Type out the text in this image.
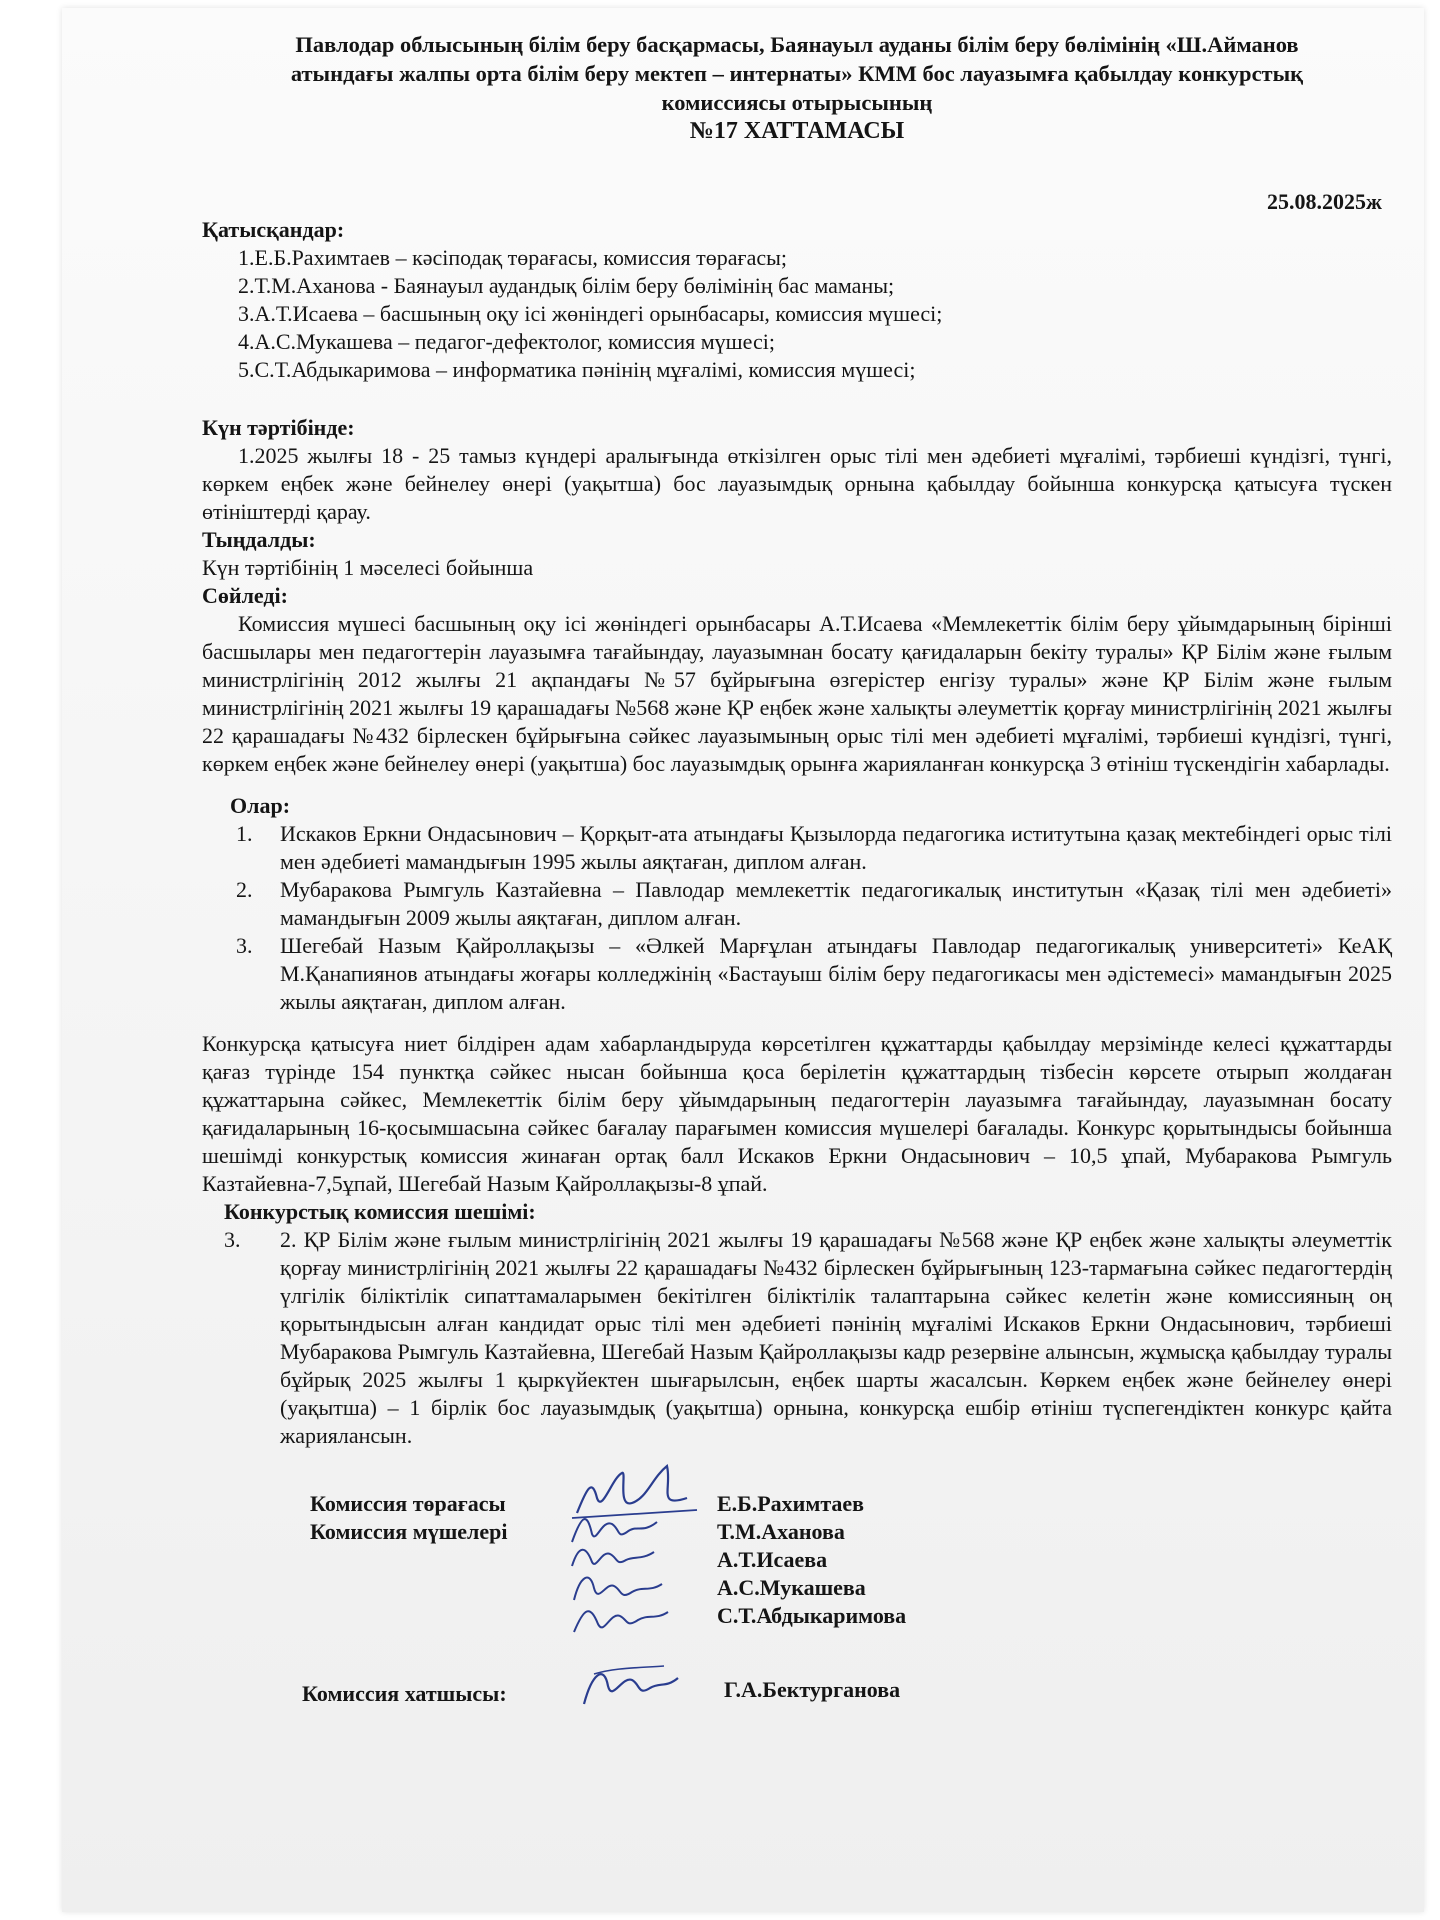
Павлодар облысының білім беру басқармасы, Баянауыл ауданы білім беру бөлімінің «Ш.Айманов
атындағы жалпы орта білім беру мектеп – интернаты» КММ бос лауазымға қабылдау конкурстық
комиссиясы отырысының
№17 ХАТТАМАСЫ
25.08.2025ж
Қатысқандар:
1.Е.Б.Рахимтаев – кәсіподақ төрағасы, комиссия төрағасы;
2.Т.М.Аханова - Баянауыл аудандық білім беру бөлімінің бас маманы;
3.А.Т.Исаева – басшының оқу ісі жөніндегі орынбасары, комиссия мүшесі;
4.А.С.Мукашева – педагог-дефектолог, комиссия мүшесі;
5.С.Т.Абдыкаримова – информатика пәнінің мұғалімі, комиссия мүшесі;
Күн тәртібінде:
1.2025 жылғы 18 - 25 тамыз күндері аралығында өткізілген орыс тілі мен әдебиеті мұғалімі, тәрбиеші күндізгі, түнгі, көркем еңбек және бейнелеу өнері (уақытша) бос лауазымдық орнына қабылдау бойынша конкурсқа қатысуға түскен өтініштерді қарау.
Тыңдалды:
Күн тәртібінің 1 мәселесі бойынша
Сөйледі:
Комиссия мүшесі басшының оқу ісі жөніндегі орынбасары А.Т.Исаева «Мемлекеттік білім беру ұйымдарының бірінші басшылары мен педагогтерін лауазымға тағайындау, лауазымнан босату қағидаларын бекіту туралы» ҚР Білім және ғылым министрлігінің 2012 жылғы 21 ақпандағы №57 бұйрығына өзгерістер енгізу туралы» және ҚР Білім және ғылым министрлігінің 2021 жылғы 19 қарашадағы №568 және ҚР еңбек және халықты әлеуметтік қорғау министрлігінің 2021 жылғы 22 қарашадағы №432 бірлескен бұйрығына сәйкес лауазымының орыс тілі мен әдебиеті мұғалімі, тәрбиеші күндізгі, түнгі, көркем еңбек және бейнелеу өнері (уақытша) бос лауазымдық орынға жарияланған конкурсқа 3 өтініш түскендігін хабарлады.
Олар:
1. Искаков Еркни Ондасынович – Қорқыт-ата атындағы Қызылорда педагогика иститутына қазақ мектебіндегі орыс тілі мен әдебиеті мамандығын 1995 жылы аяқтаған, диплом алған.
2. Мубаракова Рымгуль Казтайевна – Павлодар мемлекеттік педагогикалық институтын «Қазақ тілі мен әдебиеті» мамандығын 2009 жылы аяқтаған, диплом алған.
3. Шегебай Назым Қайроллақызы – «Әлкей Марғұлан атындағы Павлодар педагогикалық университеті» КеАҚ М.Қанапиянов атындағы жоғары колледжінің «Бастауыш білім беру педагогикасы мен әдістемесі» мамандығын 2025 жылы аяқтаған, диплом алған.
Конкурсқа қатысуға ниет білдірен адам хабарландыруда көрсетілген құжаттарды қабылдау мерзімінде келесі құжаттарды қағаз түрінде 154 пунктқа сәйкес нысан бойынша қоса берілетін құжаттардың тізбесін көрсете отырып жолдаған құжаттарына сәйкес, Мемлекеттік білім беру ұйымдарының педагогтерін лауазымға тағайындау, лауазымнан босату қағидаларының 16-қосымшасына сәйкес бағалау парағымен комиссия мүшелері бағалады. Конкурс қорытындысы бойынша шешімді конкурстық комиссия жинаған ортақ балл Искаков Еркни Ондасынович – 10,5 ұпай, Мубаракова Рымгуль Казтайевна-7,5ұпай, Шегебай Назым Қайроллақызы-8 ұпай.
Конкурстық комиссия шешімі:
3. 2. ҚР Білім және ғылым министрлігінің 2021 жылғы 19 қарашадағы №568 және ҚР еңбек және халықты әлеуметтік қорғау министрлігінің 2021 жылғы 22 қарашадағы №432 бірлескен бұйрығының 123-тармағына сәйкес педагогтердің үлгілік біліктілік сипаттамаларымен бекітілген біліктілік талаптарына сәйкес келетін және комиссияның оң қорытындысын алған кандидат орыс тілі мен әдебиеті пәнінің мұғалімі Искаков Еркни Ондасынович, тәрбиеші Мубаракова Рымгуль Казтайевна, Шегебай Назым Қайроллақызы кадр резервіне алынсын, жұмысқа қабылдау туралы бұйрық 2025 жылғы 1 қыркүйектен шығарылсын, еңбек шарты жасалсын. Көркем еңбек және бейнелеу өнері (уақытша) – 1 бірлік бос лауазымдық (уақытша) орнына, конкурсқа ешбір өтініш түспегендіктен конкурс қайта жариялансын.
Комиссия төрағасы
Комиссия мүшелері
Е.Б.Рахимтаев
Т.М.Аханова
А.Т.Исаева
А.С.Мукашева
С.Т.Абдыкаримова
Комиссия хатшысы:	Г.А.Бектурганова
